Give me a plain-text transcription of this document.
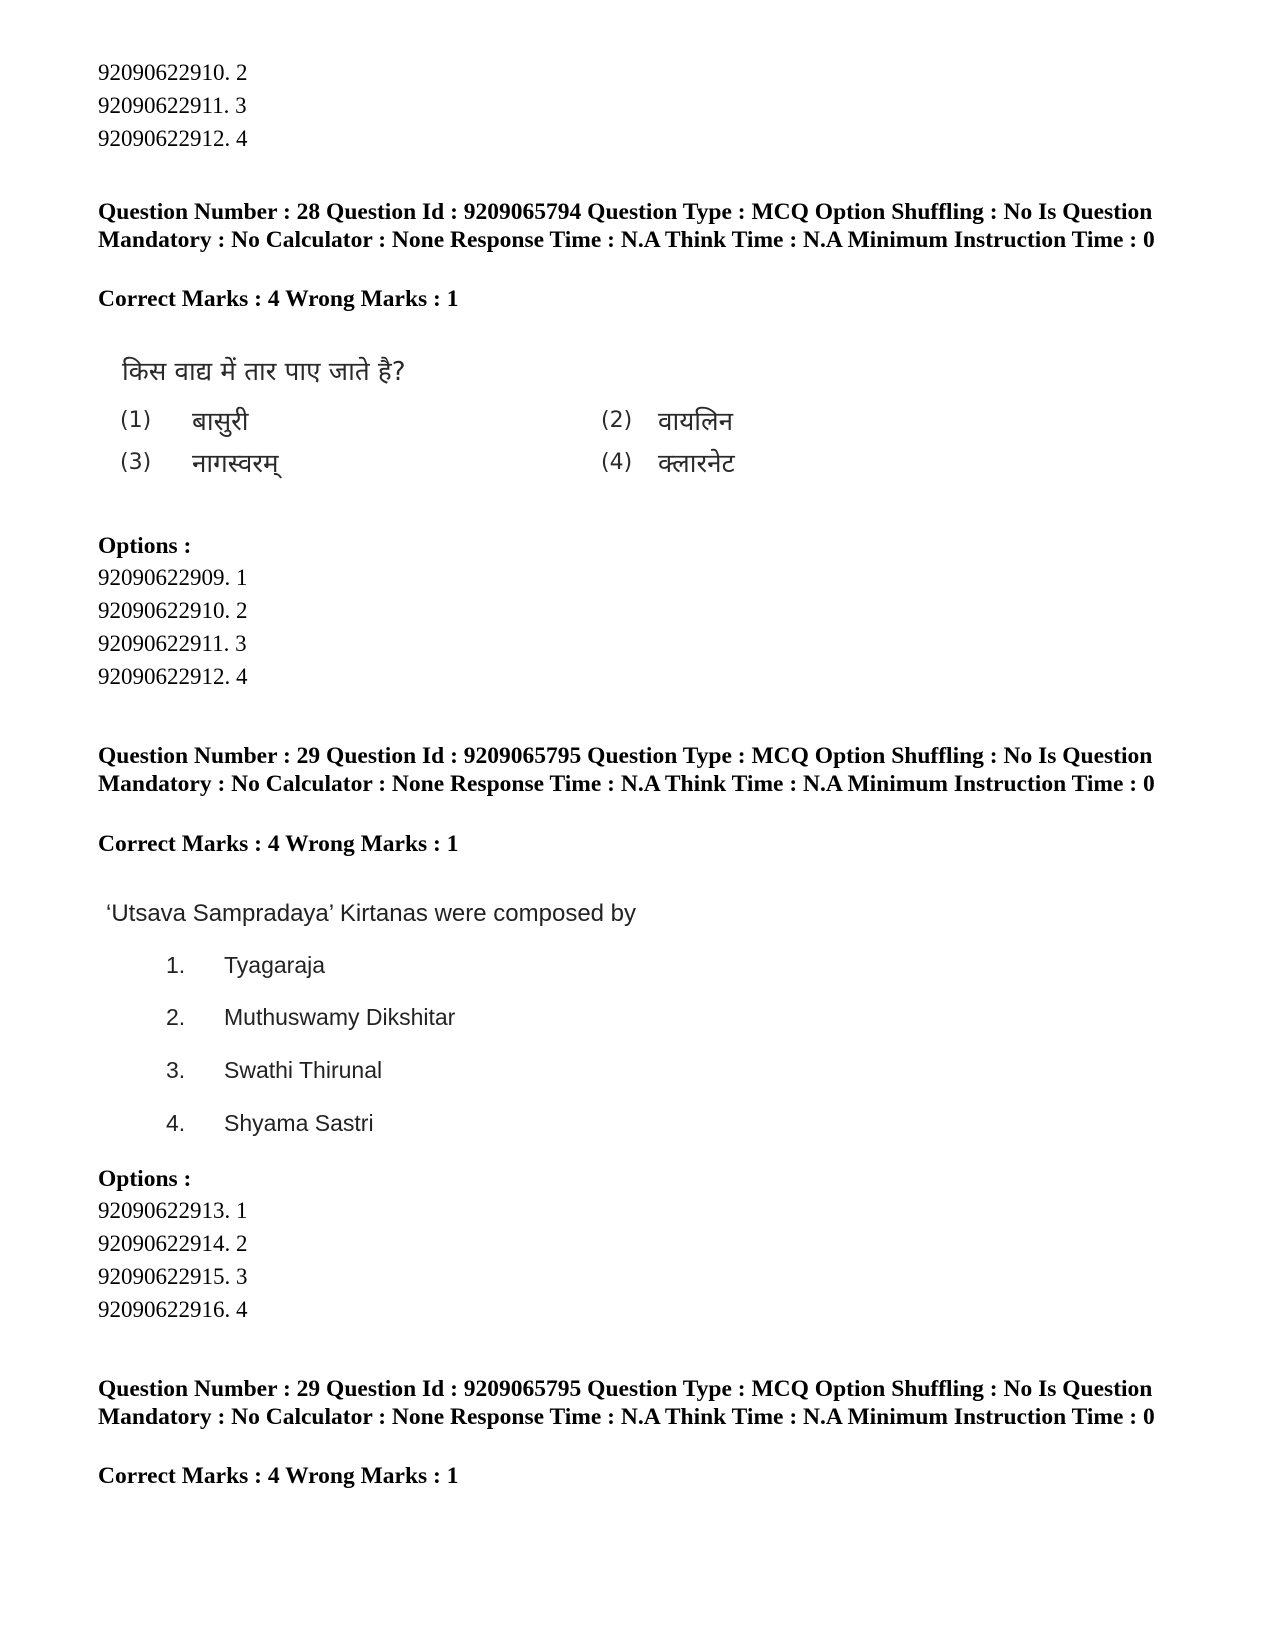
92090622910. 2
92090622911. 3
92090622912. 4
Question Number : 28 Question Id : 9209065794 Question Type : MCQ Option Shuffling : No Is Question Mandatory : No Calculator : None Response Time : N.A Think Time : N.A Minimum Instruction Time : 0
Correct Marks : 4 Wrong Marks : 1
किस वाद्य में तार पाए जाते है?
(1) बासुरी	(2) वायलिन
(3) नागस्वरम्	(4) क्लारनेट
Options :
92090622909. 1
92090622910. 2
92090622911. 3
92090622912. 4
Question Number : 29 Question Id : 9209065795 Question Type : MCQ Option Shuffling : No Is Question Mandatory : No Calculator : None Response Time : N.A Think Time : N.A Minimum Instruction Time : 0
Correct Marks : 4 Wrong Marks : 1
‘Utsava Sampradaya’ Kirtanas were composed by
1. Tyagaraja
2. Muthuswamy Dikshitar
3. Swathi Thirunal
4. Shyama Sastri
Options :
92090622913. 1
92090622914. 2
92090622915. 3
92090622916. 4
Question Number : 29 Question Id : 9209065795 Question Type : MCQ Option Shuffling : No Is Question Mandatory : No Calculator : None Response Time : N.A Think Time : N.A Minimum Instruction Time : 0
Correct Marks : 4 Wrong Marks : 1
